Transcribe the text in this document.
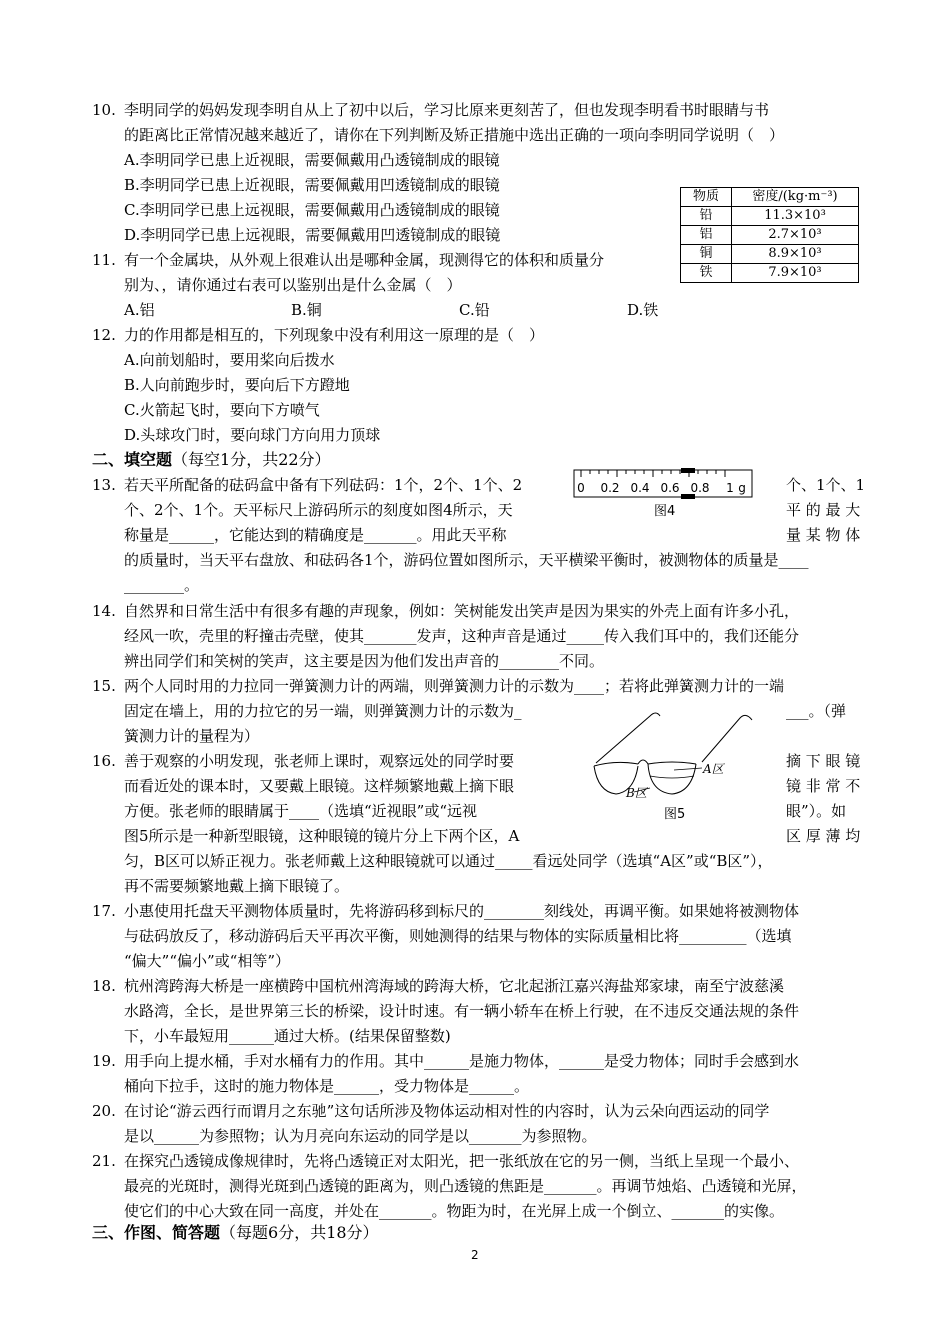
10. 李明同学的妈妈发现李明自从上了初中以后，学习比原来更刻苦了，但也发现李明看书时眼睛与书
的距离比正常情况越来越近了，请你在下列判断及矫正措施中选出正确的一项向李明同学说明（　）
A.李明同学已患上近视眼，需要佩戴用凸透镜制成的眼镜
B.李明同学已患上近视眼，需要佩戴用凹透镜制成的眼镜
C.李明同学已患上远视眼，需要佩戴用凸透镜制成的眼镜
D.李明同学已患上远视眼，需要佩戴用凹透镜制成的眼镜
物质	密度/(kg·m⁻³)
铅	11.3×10³
铝	2.7×10³
铜	8.9×10³
铁	7.9×10³
11. 有一个金属块，从外观上很难认出是哪种金属，现测得它的体积和质量分
别为、，请你通过右表可以鉴别出是什么金属（　）
A.铝	B.铜	C.铅	D.铁
12. 力的作用都是相互的，下列现象中没有利用这一原理的是（　）
A.向前划船时，要用桨向后拨水
B.人向前跑步时，要向后下方蹬地
C.火箭起飞时，要向下方喷气
D.头球攻门时，要向球门方向用力顶球
二、填空题（每空1分，共22分）
13. 若天平所配备的砝码盒中备有下列砝码：1个，2个、1个、2
个、2个、1个。天平标尺上游码所示的刻度如图4所示，天
称量是______，它能达到的精确度是_______。用此天平称
的质量时，当天平右盘放、和砝码各1个，游码位置如图所示，天平横梁平衡时，被测物体的质量是____
________。
个、1个、1
平 的 最 大
量 某 物 体
0 0.2 0.4 0.6 0.8 1 g
图4
14. 自然界和日常生活中有很多有趣的声现象，例如：笑树能发出笑声是因为果实的外壳上面有许多小孔，
经风一吹，壳里的籽撞击壳壁，使其_______发声，这种声音是通过_____传入我们耳中的，我们还能分
辨出同学们和笑树的笑声，这主要是因为他们发出声音的________不同。
15. 两个人同时用的力拉同一弹簧测力计的两端，则弹簧测力计的示数为____；若将此弹簧测力计的一端
固定在墙上，用的力拉它的另一端，则弹簧测力计的示数为_
簧测力计的量程为）
___。（弹
A区
B区
图5
16. 善于观察的小明发现，张老师上课时，观察远处的同学时要
而看近处的课本时，又要戴上眼镜。这样频繁地戴上摘下眼
方便。张老师的眼睛属于____（选填“近视眼”或“远视
图5所示是一种新型眼镜，这种眼镜的镜片分上下两个区，A
匀，B区可以矫正视力。张老师戴上这种眼镜就可以通过_____看远处同学（选填“A区”或“B区”），
再不需要频繁地戴上摘下眼镜了。
摘 下 眼 镜
镜 非 常 不
眼”）。如
区 厚 薄 均
17. 小惠使用托盘天平测物体质量时，先将游码移到标尺的________刻线处，再调平衡。如果她将被测物体
与砝码放反了，移动游码后天平再次平衡，则她测得的结果与物体的实际质量相比将_________（选填
“偏大”“偏小”或“相等”）
18. 杭州湾跨海大桥是一座横跨中国杭州湾海域的跨海大桥，它北起浙江嘉兴海盐郑家埭，南至宁波慈溪
水路湾，全长，是世界第三长的桥梁，设计时速。有一辆小轿车在桥上行驶，在不违反交通法规的条件
下，小车最短用______通过大桥。(结果保留整数)
19. 用手向上提水桶，手对水桶有力的作用。其中______是施力物体，______是受力物体；同时手会感到水
桶向下拉手，这时的施力物体是______，受力物体是______。
20. 在讨论“游云西行而谓月之东驰”这句话所涉及物体运动相对性的内容时，认为云朵向西运动的同学
是以______为参照物；认为月亮向东运动的同学是以_______为参照物。
21. 在探究凸透镜成像规律时，先将凸透镜正对太阳光，把一张纸放在它的另一侧，当纸上呈现一个最小、
最亮的光斑时，测得光斑到凸透镜的距离为，则凸透镜的焦距是_______。再调节烛焰、凸透镜和光屏，
使它们的中心大致在同一高度，并处在_______。物距为时，在光屏上成一个倒立、_______的实像。
三、作图、简答题（每题6分，共18分）
2
